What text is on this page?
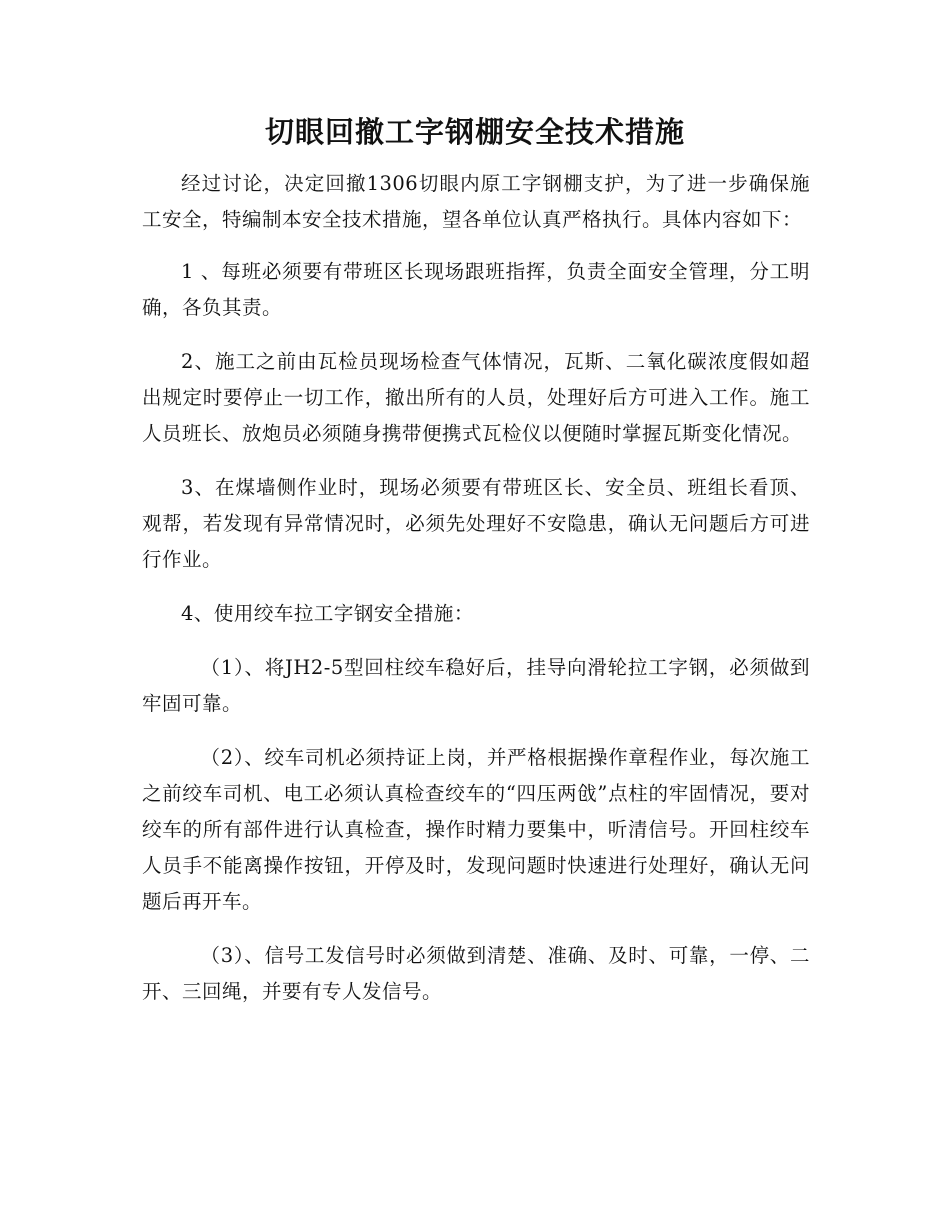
切眼回撤工字钢棚安全技术措施

经过讨论，决定回撤1306切眼内原工字钢棚支护，为了进一步确保施工安全，特编制本安全技术措施，望各单位认真严格执行。具体内容如下：

1 、每班必须要有带班区长现场跟班指挥，负责全面安全管理，分工明确，各负其责。

2、施工之前由瓦检员现场检查气体情况，瓦斯、二氧化碳浓度假如超出规定时要停止一切工作，撤出所有的人员，处理好后方可进入工作。施工人员班长、放炮员必须随身携带便携式瓦检仪以便随时掌握瓦斯变化情况。

3、在煤墙侧作业时，现场必须要有带班区长、安全员、班组长看顶、观帮，若发现有异常情况时，必须先处理好不安隐患，确认无问题后方可进行作业。

4、使用绞车拉工字钢安全措施：

（1）、将JH2-5型回柱绞车稳好后，挂导向滑轮拉工字钢，必须做到牢固可靠。

（2）、绞车司机必须持证上岗，并严格根据操作章程作业，每次施工之前绞车司机、电工必须认真检查绞车的“四压两戗”点柱的牢固情况，要对绞车的所有部件进行认真检查，操作时精力要集中，听清信号。开回柱绞车人员手不能离操作按钮，开停及时，发现问题时快速进行处理好，确认无问题后再开车。

（3）、信号工发信号时必须做到清楚、准确、及时、可靠，一停、二开、三回绳，并要有专人发信号。
